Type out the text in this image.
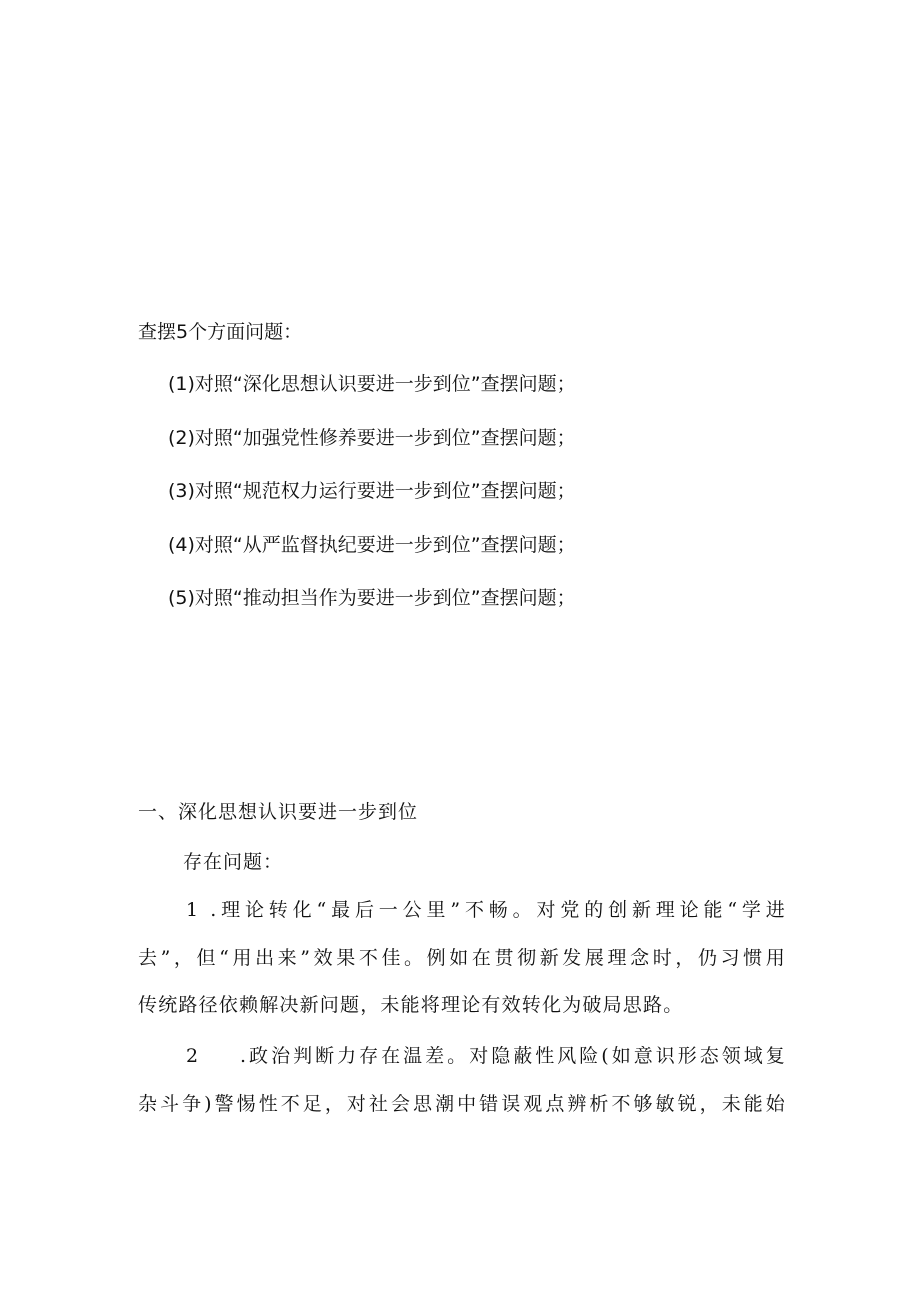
查摆5个方面问题：
(1)对照“深化思想认识要进一步到位”查摆问题；
(2)对照“加强党性修养要进一步到位”查摆问题；
(3)对照“规范权力运行要进一步到位”查摆问题；
(4)对照“从严监督执纪要进一步到位”查摆问题；
(5)对照“推动担当作为要进一步到位”查摆问题；
一、深化思想认识要进一步到位
存在问题：
1 .理论转化“最后一公里”不畅。对党的创新理论能“学进
去”，但“用出来”效果不佳。例如在贯彻新发展理念时，仍习惯用
传统路径依赖解决新问题，未能将理论有效转化为破局思路。
2 .政治判断力存在温差。对隐蔽性风险(如意识形态领域复
杂斗争)警惕性不足，对社会思潮中错误观点辨析不够敏锐，未能始
